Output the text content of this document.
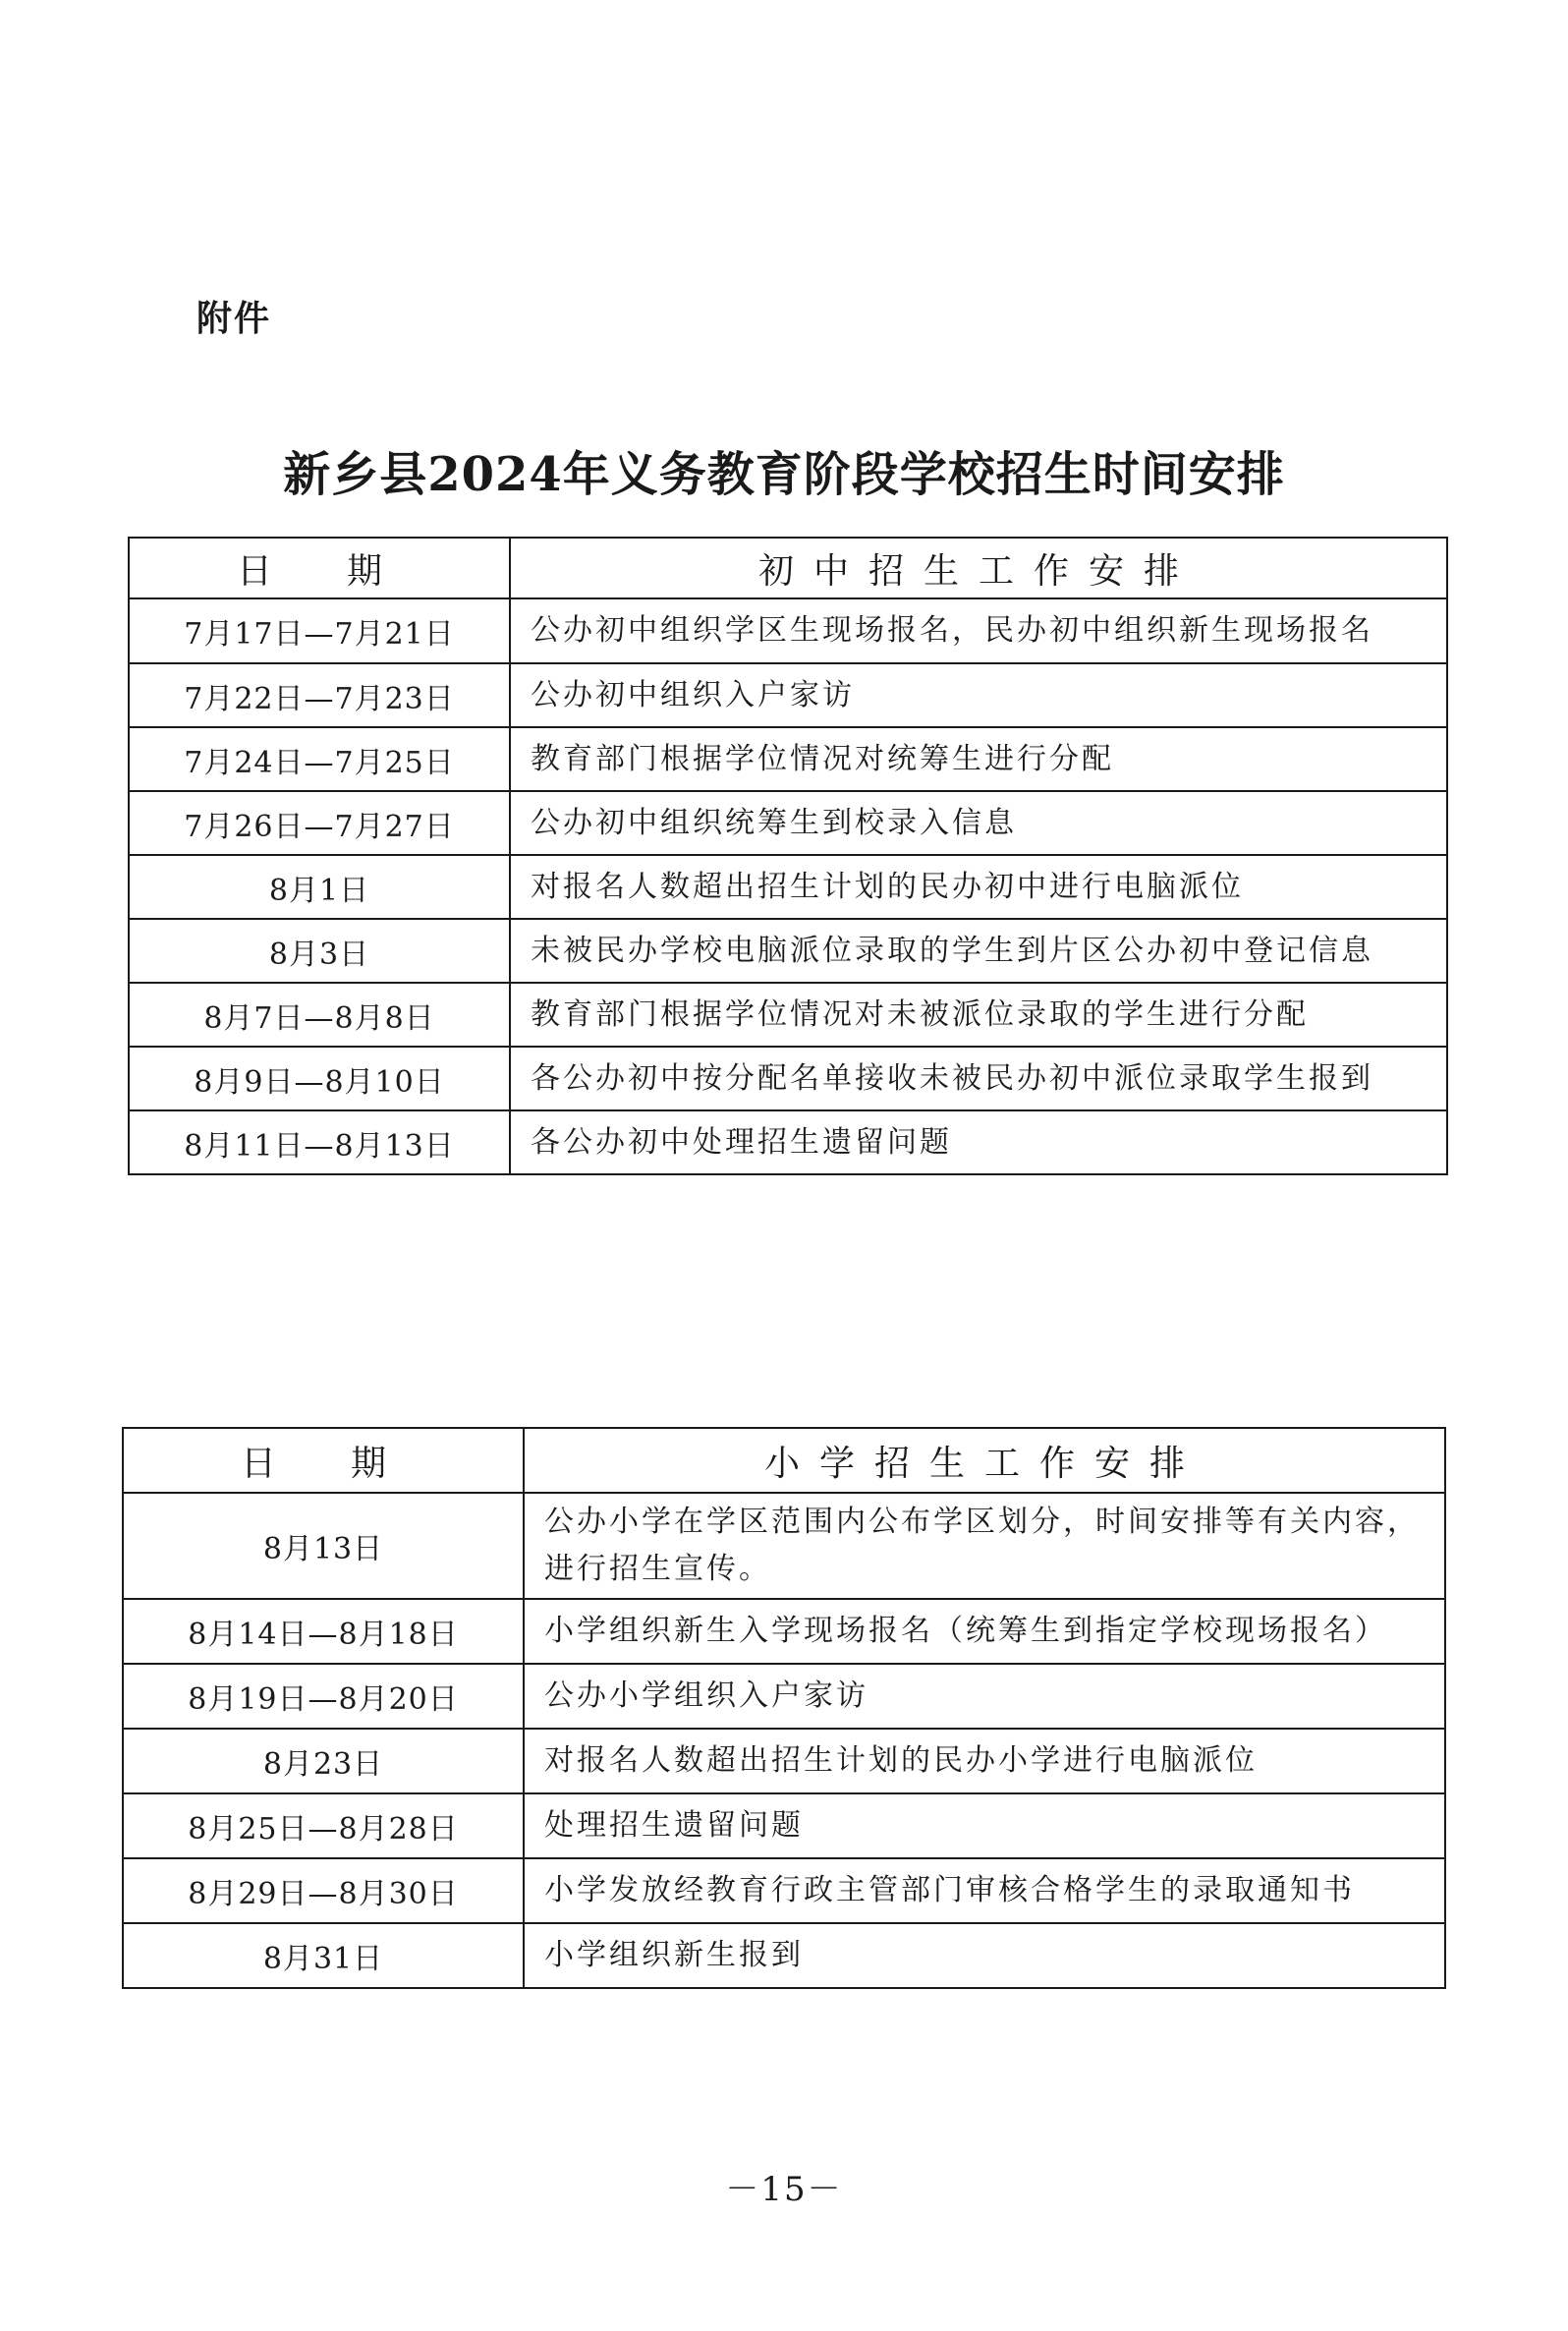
附件
新乡县2024年义务教育阶段学校招生时间安排
日　期	初中招生工作安排
7月17日—7月21日	公办初中组织学区生现场报名，民办初中组织新生现场报名
7月22日—7月23日	公办初中组织入户家访
7月24日—7月25日	教育部门根据学位情况对统筹生进行分配
7月26日—7月27日	公办初中组织统筹生到校录入信息
8月1日	对报名人数超出招生计划的民办初中进行电脑派位
8月3日	未被民办学校电脑派位录取的学生到片区公办初中登记信息
8月7日—8月8日	教育部门根据学位情况对未被派位录取的学生进行分配
8月9日—8月10日	各公办初中按分配名单接收未被民办初中派位录取学生报到
8月11日—8月13日	各公办初中处理招生遗留问题
日　期	小学招生工作安排
8月13日	公办小学在学区范围内公布学区划分，时间安排等有关内容，进行招生宣传。
8月14日—8月18日	小学组织新生入学现场报名（统筹生到指定学校现场报名）
8月19日—8月20日	公办小学组织入户家访
8月23日	对报名人数超出招生计划的民办小学进行电脑派位
8月25日—8月28日	处理招生遗留问题
8月29日—8月30日	小学发放经教育行政主管部门审核合格学生的录取通知书
8月31日	小学组织新生报到
－15－
